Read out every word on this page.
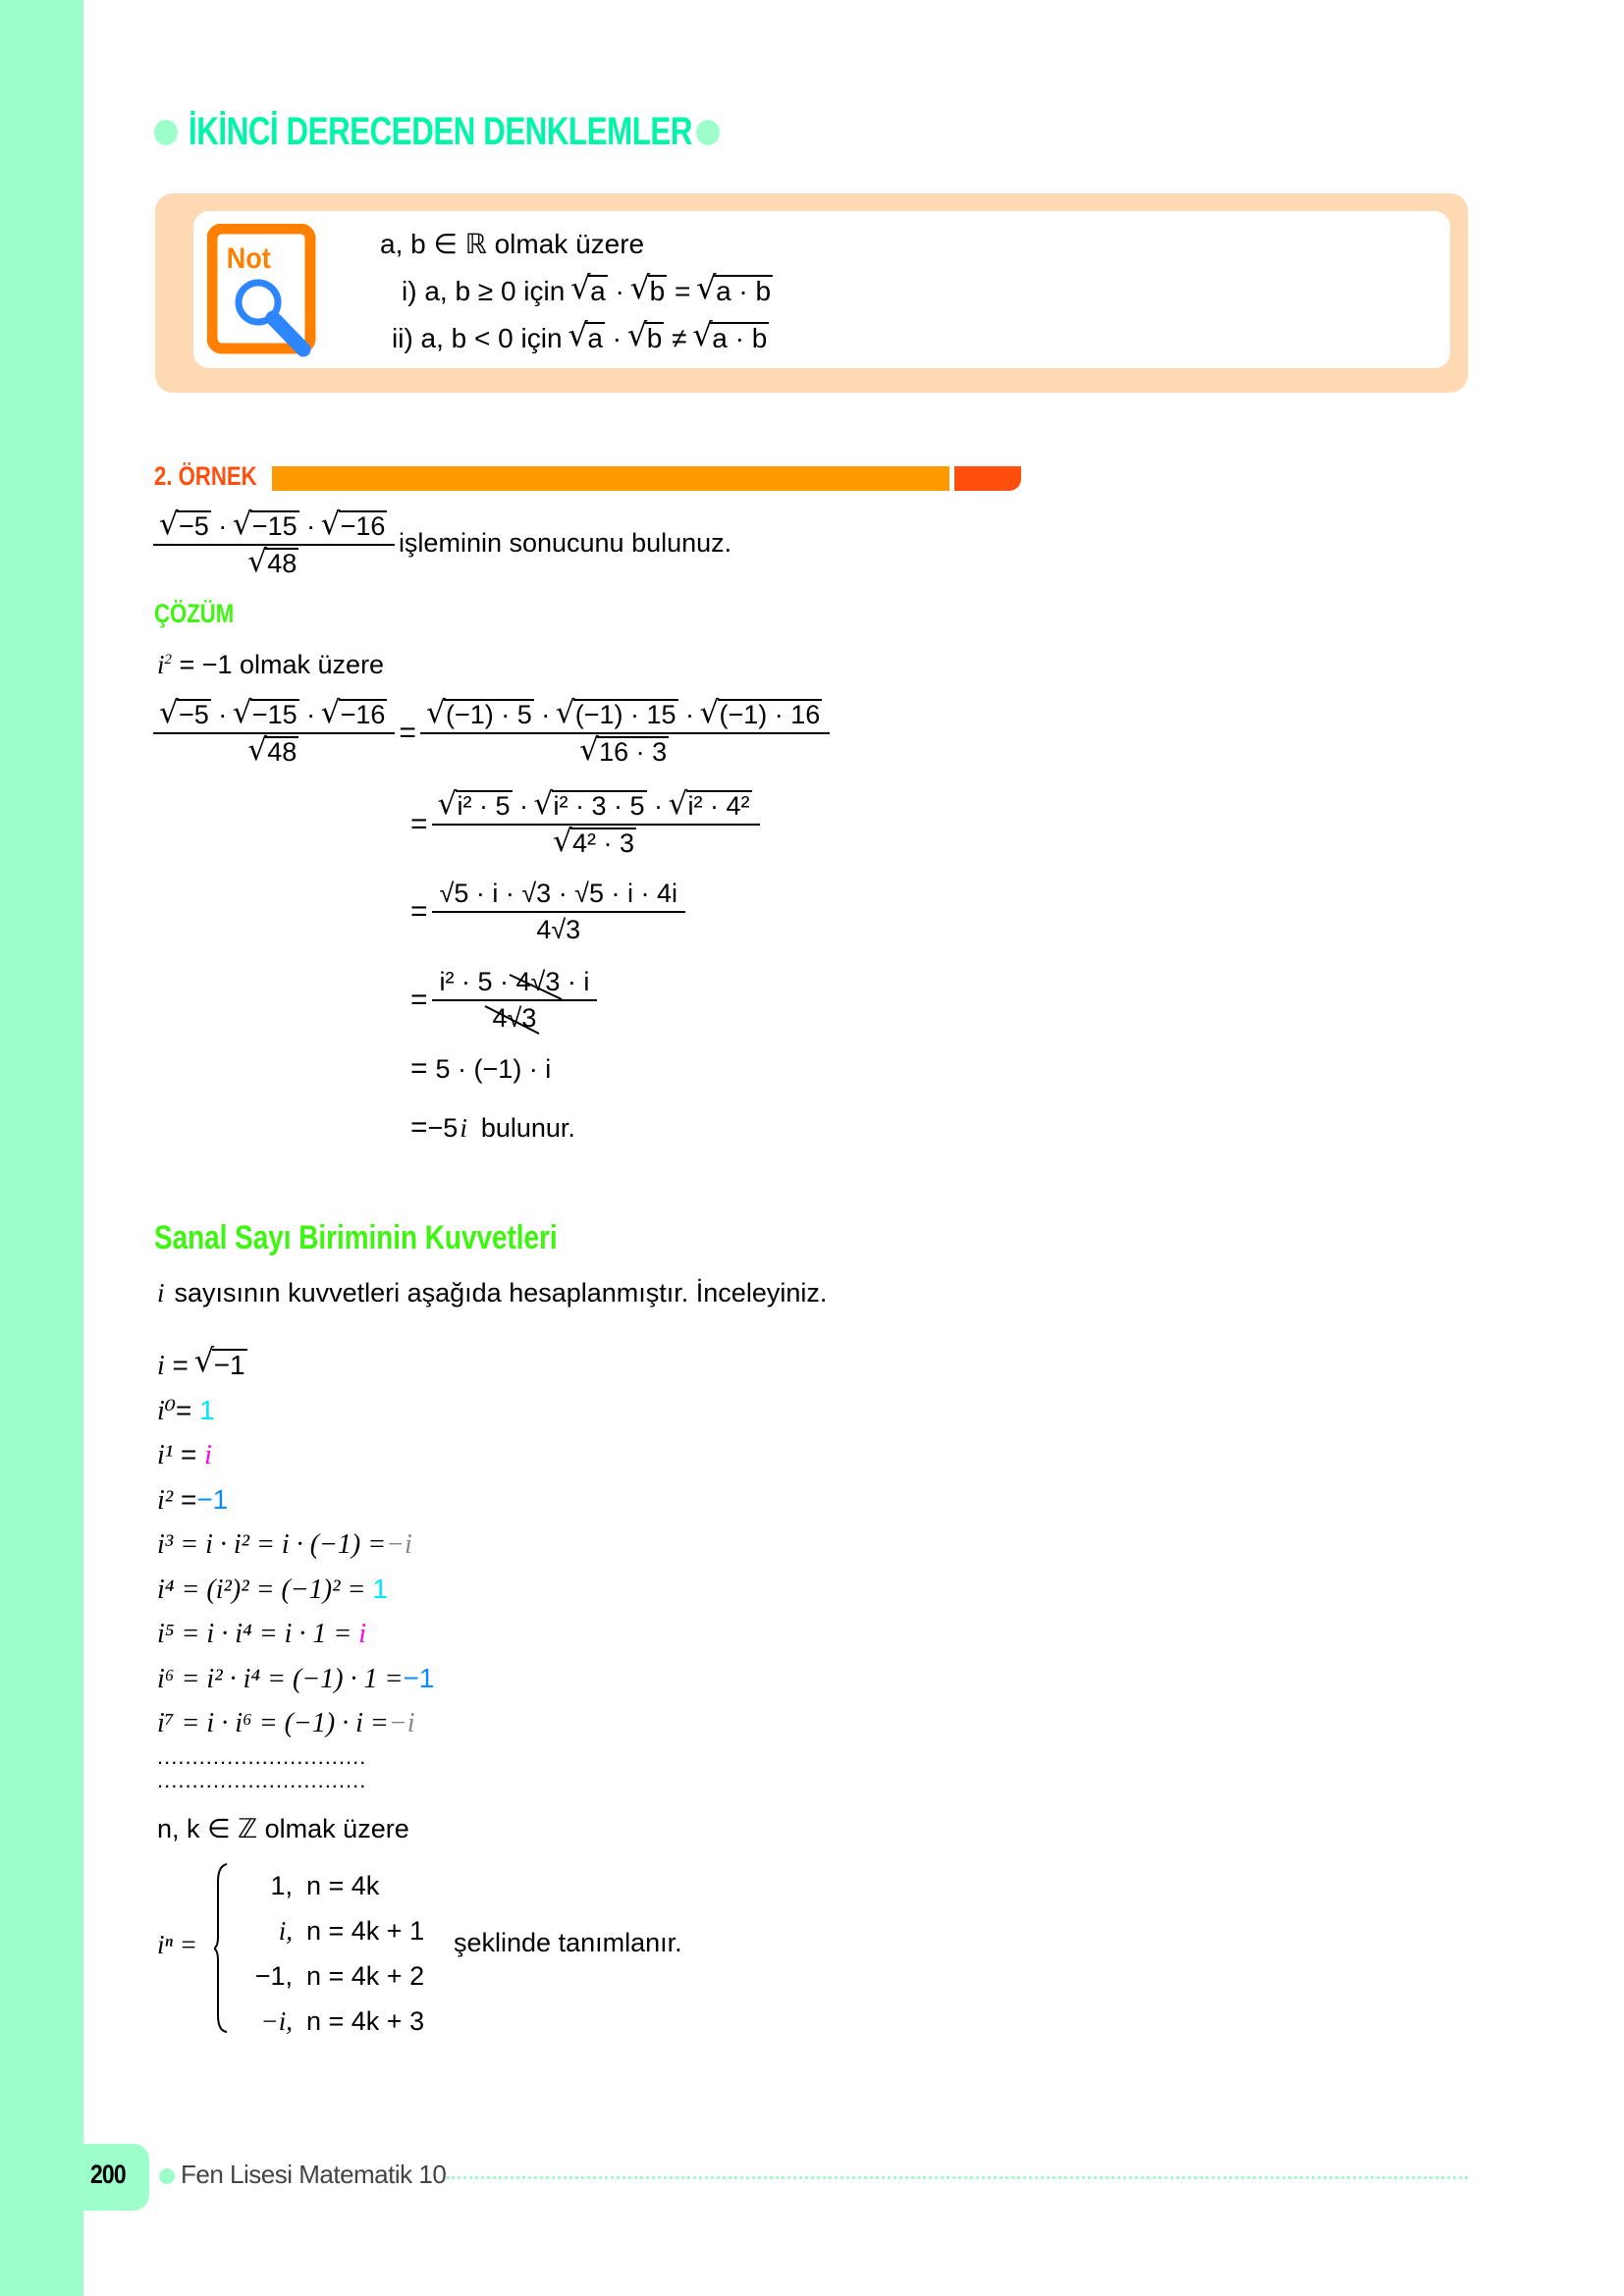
İKİNCİ DERECEDEN DENKLEMLER
Not	a, b ∈ ℝ olmak üzere
i) a, b ≥ 0 için √ a · √ b = √ a · b
ii) a, b < 0 için √ a · √ b ≠ √ a · b
2. ÖRNEK
√ −5 · √ −15 · √ −16
√ 48 işleminin sonucunu bulunuz.
ÇÖZÜM
$i^2 = -1$ olmak üzere
√ −5 · √ −15 · √ −16
√ 48 = √ (−1) · 5 · √ (−1) · 15 · √ (−1) · 16
√ 16 · 3
= √ i² · 5 · √ i² · 3 · 5 · √ i² · 4²
√ 4² · 3
= $\frac{√5 \cdot i \cdot √3 \cdot √5 \cdot i \cdot 4i}{4√3}$
= $\frac{\text{i² · 5 · 4√3 · i}}{4√3}$
= 5 · (−1) · i
= −5 i bulunur.
Sanal Sayı Biriminin Kuvvetleri
i sayısının kuvvetleri aşağıda hesaplanmıştır. İnceleyiniz.
i = √ −1
i⁰= 1
i¹ = i
i² =−1
i³ = i · i² = i · (−1) =−i
i⁴ = (i²)² = (−1)² = 1
i⁵ = i · i⁴ = i · 1 = i
i⁶ = i² · i⁴ = (−1) · 1 =−1
i⁷ = i · i⁶ = (−1) · i =−i
..............................
..............................
n, k ∈ ℤ olmak üzere
iⁿ =
1, n = 4k
i, n = 4k + 1
−1, n = 4k + 2
−i, n = 4k + 3
şeklinde tanımlanır.
200 Fen Lisesi Matematik 10
